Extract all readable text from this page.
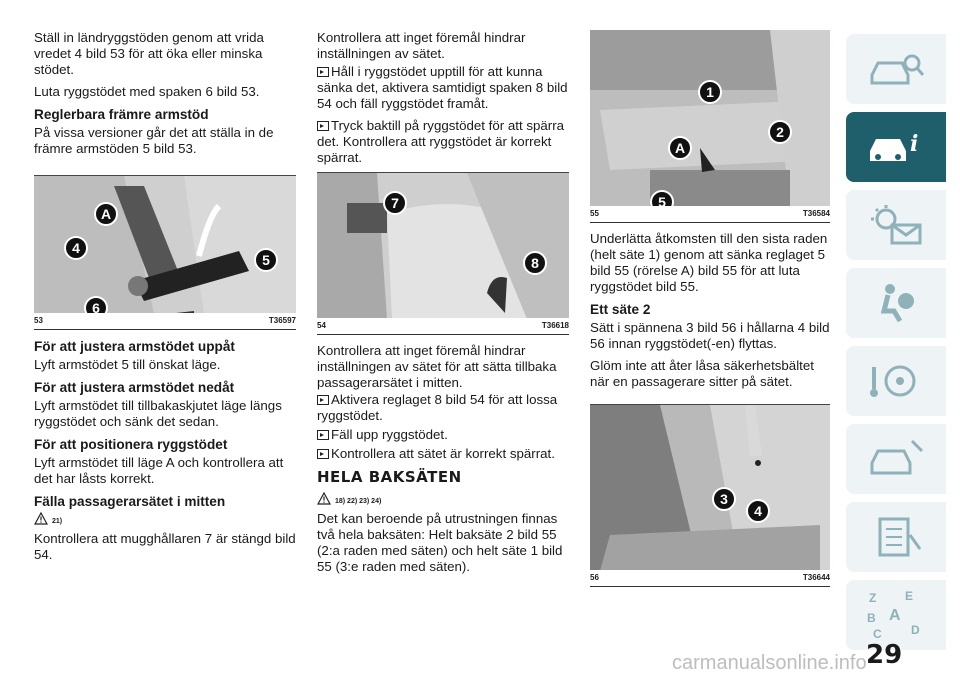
Ställ in ländryggstöden genom att vrida vredet 4 bild 53 för att öka eller minska stödet.

Luta ryggstödet med spaken 6 bild 53.

Reglerbara främre armstöd

På vissa versioner går det att ställa in de främre armstöden 5 bild 53.

A
4
5
6
53	T36597
För att justera armstödet uppåt

Lyft armstödet 5 till önskat läge.

För att justera armstödet nedåt

Lyft armstödet till tillbakaskjutet läge längs ryggstödet och sänk det sedan.

För att positionera ryggstödet

Lyft armstödet till läge A och kontrollera att det har låsts korrekt.

Fälla passagerarsätet i mitten
21)

Kontrollera att mugghållaren 7 är stängd bild 54.

Kontrollera att inget föremål hindrar inställningen av sätet.

Håll i ryggstödet upptill för att kunna sänka det, aktivera samtidigt spaken 8 bild 54 och fäll ryggstödet framåt.

Tryck baktill på ryggstödet för att spärra det. Kontrollera att ryggstödet är korrekt spärrat.

7
8
54	T36618

Kontrollera att inget föremål hindrar inställningen av sätet för att sätta tillbaka passagerarsätet i mitten.

Aktivera reglaget 8 bild 54 för att lossa ryggstödet.

Fäll upp ryggstödet.

Kontrollera att sätet är korrekt spärrat.

HELA BAKSÄTEN
18) 22) 23) 24)

Det kan beroende på utrustningen finnas två hela baksäten: Helt baksäte 2 bild 55 (2:a raden med säten) och helt säte 1 bild 55 (3:e raden med säten).

1
2
A
5
55	T36584

Underlätta åtkomsten till den sista raden (helt säte 1) genom att sänka reglaget 5 bild 55 (rörelse A) bild 55 för att luta ryggstödet bild 55.

Ett säte 2

Sätt i spännena 3 bild 56 i hållarna 4 bild 56 innan ryggstödet(-en) flyttas.

Glöm inte att åter låsa säkerhetsbältet när en passagerare sitter på sätet.

3
4
56	T36644
i
Z E
A
B
C D
29
carmanualsonline.info
